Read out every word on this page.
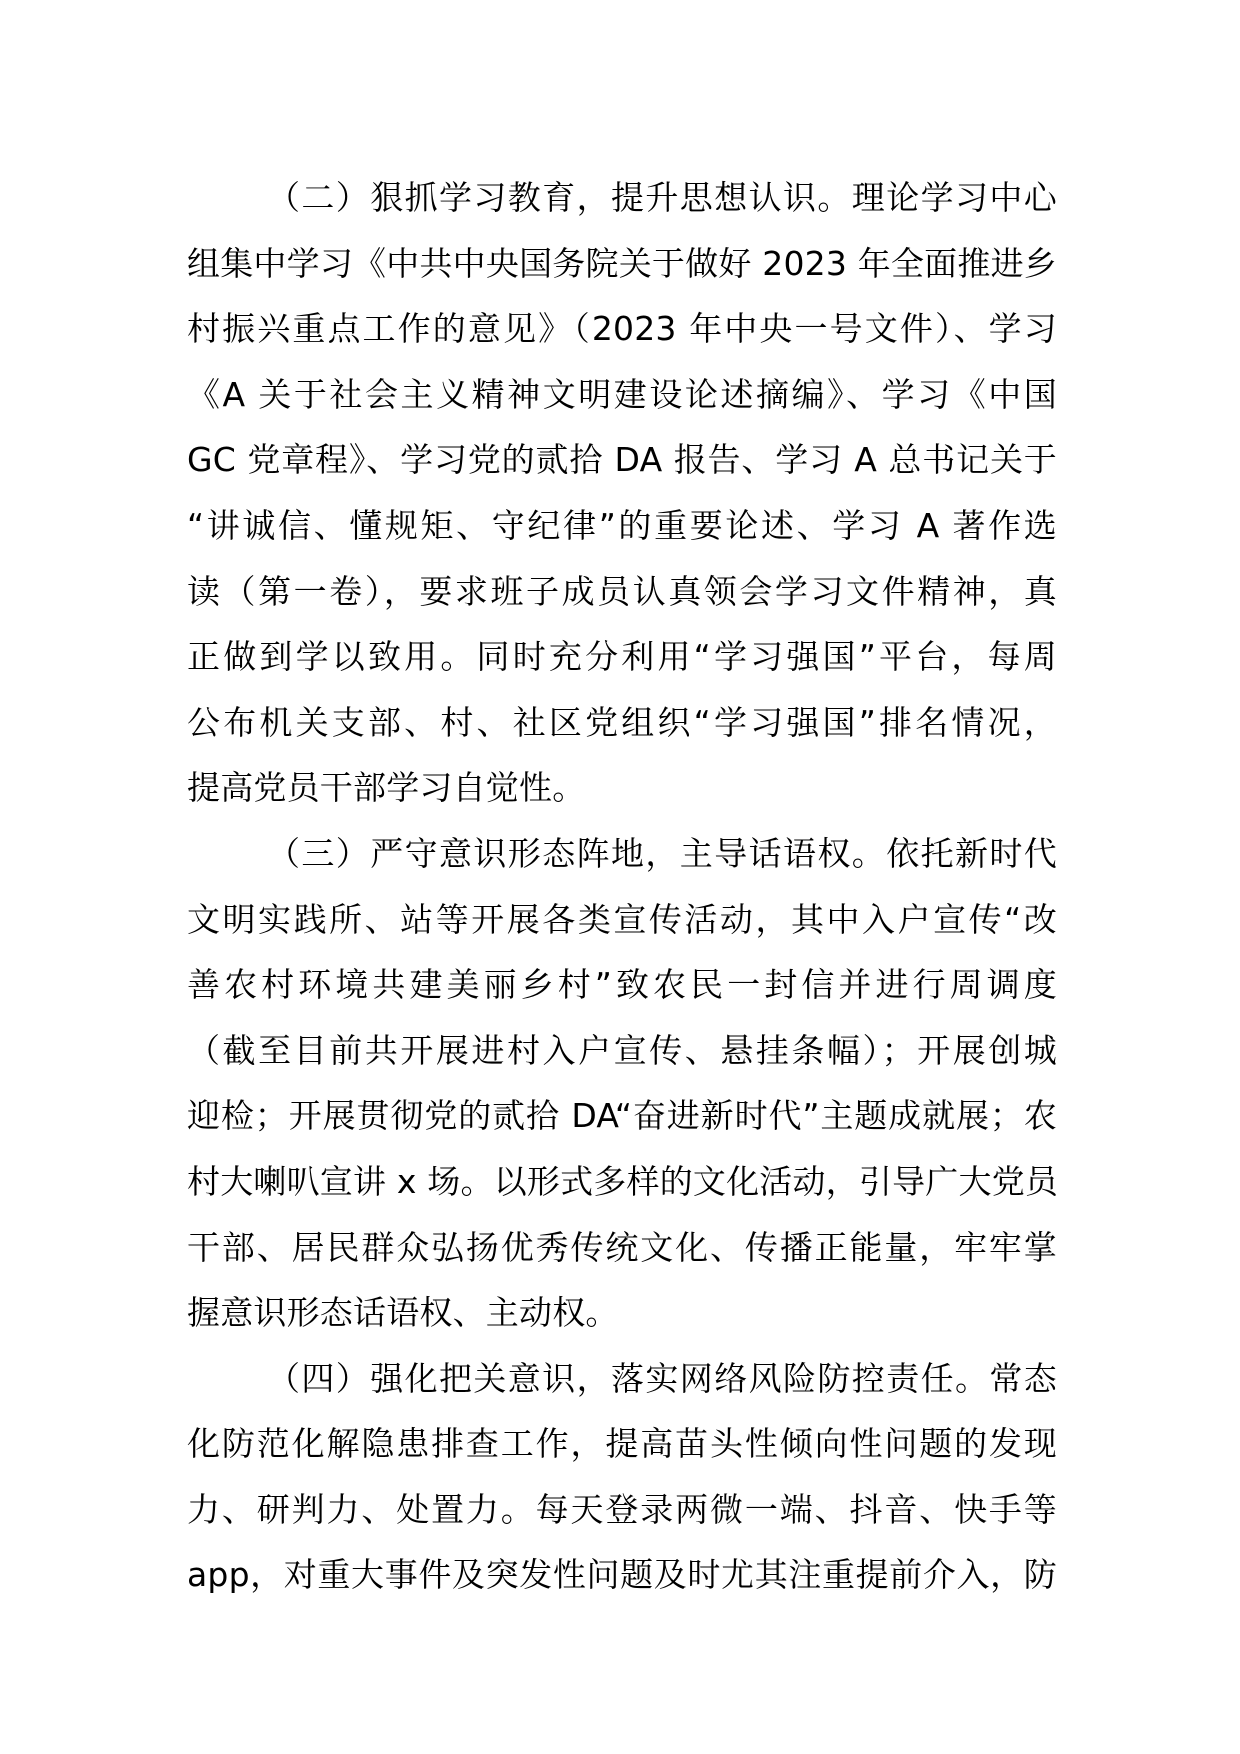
（二）狠抓学习教育，提升思想认识。理论学习中心
组集中学习《中共中央国务院关于做好 2023 年全面推进乡
村振兴重点工作的意见》（2023 年中央一号文件）、学习
《A 关于社会主义精神文明建设论述摘编》、学习《中国
GC 党章程》、学习党的贰拾 DA 报告、学习 A 总书记关于
“讲诚信、懂规矩、守纪律”的重要论述、学习 A 著作选
读（第一卷），要求班子成员认真领会学习文件精神，真
正做到学以致用。同时充分利用“学习强国”平台，每周
公布机关支部、村、社区党组织“学习强国”排名情况，
提高党员干部学习自觉性。
（三）严守意识形态阵地，主导话语权。依托新时代
文明实践所、站等开展各类宣传活动，其中入户宣传“改
善农村环境共建美丽乡村”致农民一封信并进行周调度
（截至目前共开展进村入户宣传、悬挂条幅）；开展创城
迎检；开展贯彻党的贰拾 DA“奋进新时代”主题成就展；农
村大喇叭宣讲 x 场。以形式多样的文化活动，引导广大党员
干部、居民群众弘扬优秀传统文化、传播正能量，牢牢掌
握意识形态话语权、主动权。
（四）强化把关意识，落实网络风险防控责任。常态
化防范化解隐患排查工作，提高苗头性倾向性问题的发现
力、研判力、处置力。每天登录两微一端、抖音、快手等
app，对重大事件及突发性问题及时尤其注重提前介入，防
